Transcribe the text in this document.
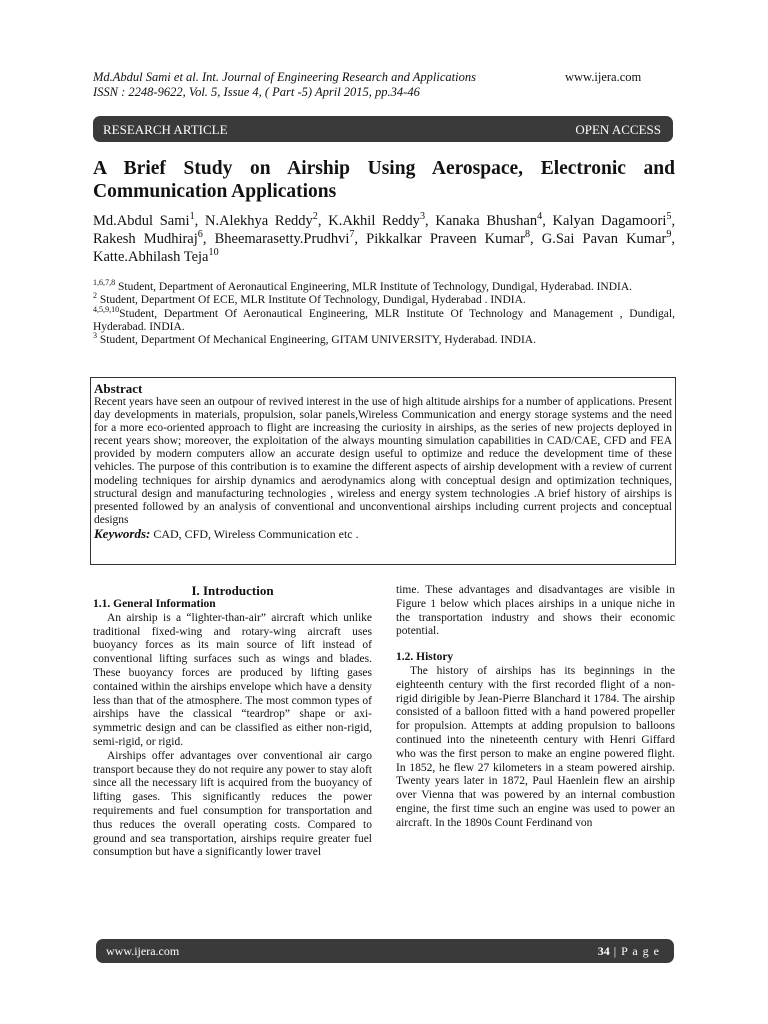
Md.Abdul Sami et al. Int. Journal of Engineering Research and Applications
ISSN : 2248-9622, Vol. 5, Issue 4, ( Part -5) April 2015, pp.34-46
www.ijera.com
RESEARCH ARTICLE	OPEN ACCESS
A Brief Study on Airship Using Aerospace, Electronic and Communication Applications
Md.Abdul Sami$^1$, N.Alekhya Reddy$^2$, K.Akhil Reddy$^3$, Kanaka Bhushan$^4$, Kalyan Dagamoori$^5$, Rakesh Mudhiraj$^6$, Bheemarasetty.Prudhvi$^7$, Pikkalkar Praveen Kumar$^8$, G.Sai Pavan Kumar$^9$, Katte.Abhilash Teja$^{10}$
$^{1,6,7,8}$ Student, Department of Aeronautical Engineering, MLR Institute of Technology, Dundigal, Hyderabad. INDIA.
$^2$ Student, Department Of ECE, MLR Institute Of Technology, Dundigal, Hyderabad . INDIA.
$^{4,5,9,10}$Student, Department Of Aeronautical Engineering, MLR Institute Of Technology and Management , Dundigal, Hyderabad. INDIA.
$^3$ Student, Department Of Mechanical Engineering, GITAM UNIVERSITY, Hyderabad. INDIA.
Abstract
Recent years have seen an outpour of revived interest in the use of high altitude airships for a number of applications. Present day developments in materials, propulsion, solar panels,Wireless Communication and energy storage systems and the need for a more eco-oriented approach to flight are increasing the curiosity in airships, as the series of new projects deployed in recent years show; moreover, the exploitation of the always mounting simulation capabilities in CAD/CAE, CFD and FEA provided by modern computers allow an accurate design useful to optimize and reduce the development time of these vehicles. The purpose of this contribution is to examine the different aspects of airship development with a review of current modeling techniques for airship dynamics and aerodynamics along with conceptual design and optimization techniques, structural design and manufacturing technologies , wireless and energy system technologies .A brief history of airships is presented followed by an analysis of conventional and unconventional airships including current projects and conceptual designs
Keywords: CAD, CFD, Wireless Communication etc .
I. Introduction
1.1. General Information

An airship is a “lighter-than-air” aircraft which unlike traditional fixed-wing and rotary-wing aircraft uses buoyancy forces as its main source of lift instead of conventional lifting surfaces such as wings and blades. These buoyancy forces are produced by lifting gases contained within the airships envelope which have a density less than that of the atmosphere. The most common types of airships have the classical “teardrop” shape or axi-symmetric design and can be classified as either non-rigid, semi-rigid, or rigid.

Airships offer advantages over conventional air cargo transport because they do not require any power to stay aloft since all the necessary lift is acquired from the buoyancy of lifting gases. This significantly reduces the power requirements and fuel consumption for transportation and thus reduces the overall operating costs. Compared to ground and sea transportation, airships require greater fuel consumption but have a significantly lower travel

time. These advantages and disadvantages are visible in Figure 1 below which places airships in a unique niche in the transportation industry and shows their economic potential.

1.2. History

The history of airships has its beginnings in the eighteenth century with the first recorded flight of a non-rigid dirigible by Jean-Pierre Blanchard it 1784. The airship consisted of a balloon fitted with a hand powered propeller for propulsion. Attempts at adding propulsion to balloons continued into the nineteenth century with Henri Giffard who was the first person to make an engine powered flight. In 1852, he flew 27 kilometers in a steam powered airship. Twenty years later in 1872, Paul Haenlein flew an airship over Vienna that was powered by an internal combustion engine, the first time such an engine was used to power an aircraft. In the 1890s Count Ferdinand von

www.ijera.com	34 | P a g e
